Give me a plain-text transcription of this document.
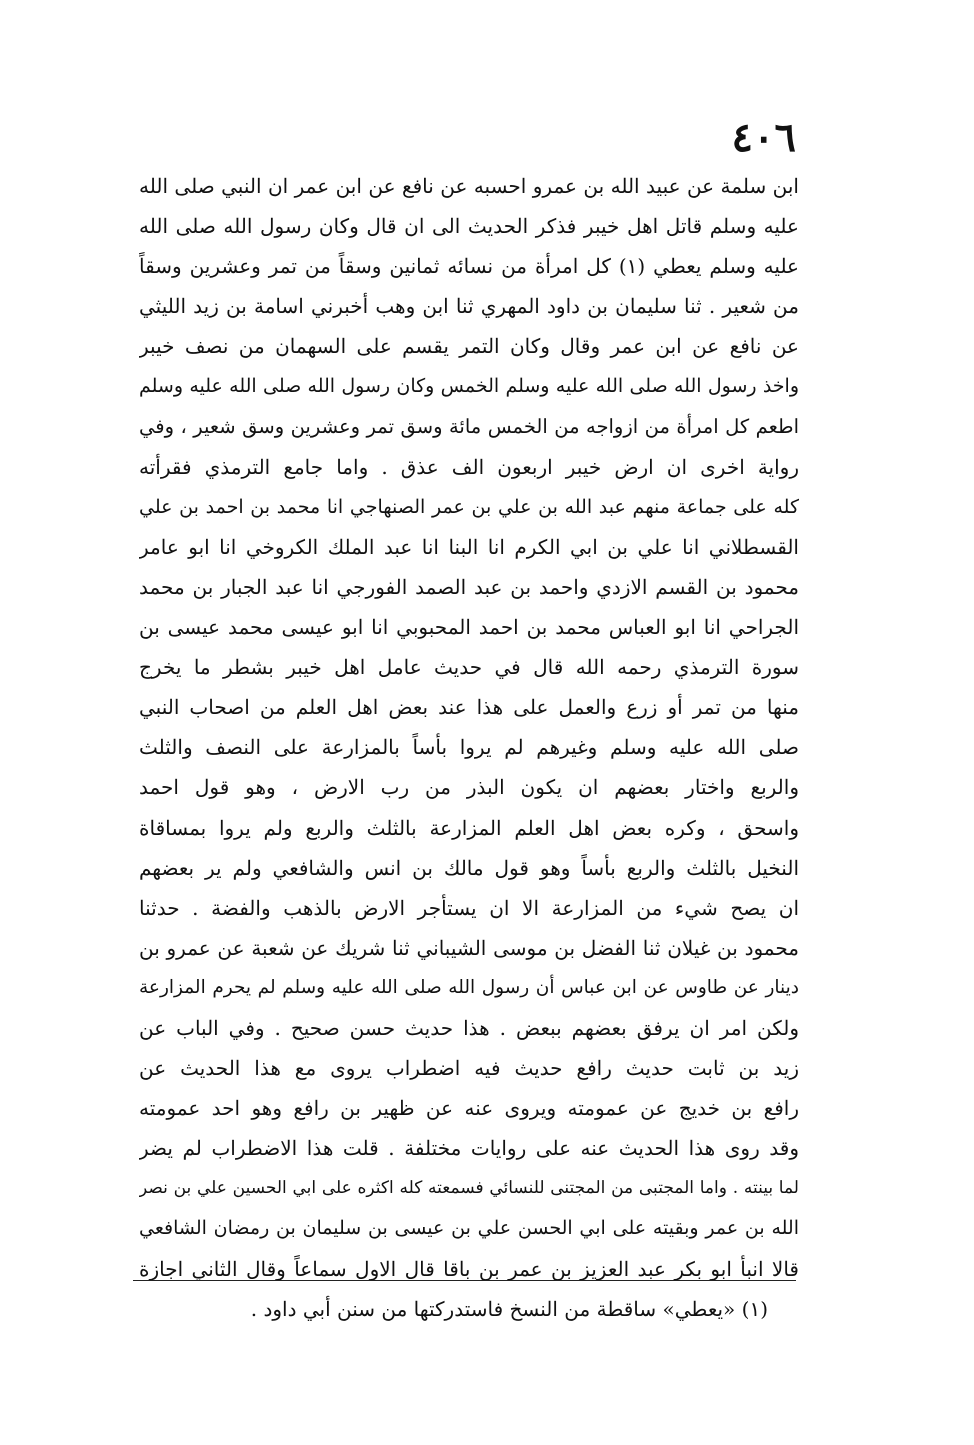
٤٠٦
ابن سلمة عن عبيد الله بن عمرو احسبه عن نافع عن ابن عمر ان النبي صلى الله
عليه وسلم قاتل اهل خيبر فذكر الحديث الى ان قال وكان رسول الله صلى الله
عليه وسلم يعطي (١) كل امرأة من نسائه ثمانين وسقاً من تمر وعشرين وسقاً
من شعير . ثنا سليمان بن داود المهري ثنا ابن وهب أخبرني اسامة بن زيد الليثي
عن نافع عن ابن عمر وقال وكان التمر يقسم على السهمان من نصف خيبر
واخذ رسول الله صلى الله عليه وسلم الخمس وكان رسول الله صلى الله عليه وسلم
اطعم كل امرأة من ازواجه من الخمس مائة وسق تمر وعشرين وسق شعير ، وفي
رواية اخرى ان ارض خيبر اربعون الف عذق . واما جامع الترمذي فقرأته
كله على جماعة منهم عبد الله بن علي بن عمر الصنهاجي انا محمد بن احمد بن علي
القسطلاني انا علي بن ابي الكرم انا البنا انا عبد الملك الكروخي انا ابو عامر
محمود بن القسم الازدي واحمد بن عبد الصمد الفورجي انا عبد الجبار بن محمد
الجراحي انا ابو العباس محمد بن احمد المحبوبي انا ابو عيسى محمد عيسى بن
سورة الترمذي رحمه الله قال في حديث عامل اهل خيبر بشطر ما يخرج
منها من تمر أو زرع والعمل على هذا عند بعض اهل العلم من اصحاب النبي
صلى الله عليه وسلم وغيرهم لم يروا بأساً بالمزارعة على النصف والثلث
والربع واختار بعضهم ان يكون البذر من رب الارض ، وهو قول احمد
واسحق ، وكره بعض اهل العلم المزارعة بالثلث والربع ولم يروا بمساقاة
النخيل بالثلث والربع بأساً وهو قول مالك بن انس والشافعي ولم ير بعضهم
ان يصح شيء من المزارعة الا ان يستأجر الارض بالذهب والفضة . حدثنا
محمود بن غيلان ثنا الفضل بن موسى الشيباني ثنا شريك عن شعبة عن عمرو بن
دينار عن طاوس عن ابن عباس أن رسول الله صلى الله عليه وسلم لم يحرم المزارعة
ولكن امر ان يرفق بعضهم ببعض . هذا حديث حسن صحيح . وفي الباب عن
زيد بن ثابت حديث رافع حديث فيه اضطراب يروى مع هذا الحديث عن
رافع بن خديج عن عمومته ويروى عنه عن ظهير بن رافع وهو احد عمومته
وقد روى هذا الحديث عنه على روايات مختلفة . قلت هذا الاضطراب لم يضر
لما بينته . واما المجتبى من المجتنى للنسائي فسمعته كله اكثره على ابي الحسين علي بن نصر
الله بن عمر وبقيته على ابي الحسن علي بن عيسى بن سليمان بن رمضان الشافعي
قالا انبأ ابو بكر عبد العزيز بن عمر بن باقا قال الاول سماعاً وقال الثاني اجازة
(١) «يعطي» ساقطة من النسخ فاستدركتها من سنن أبي داود .
